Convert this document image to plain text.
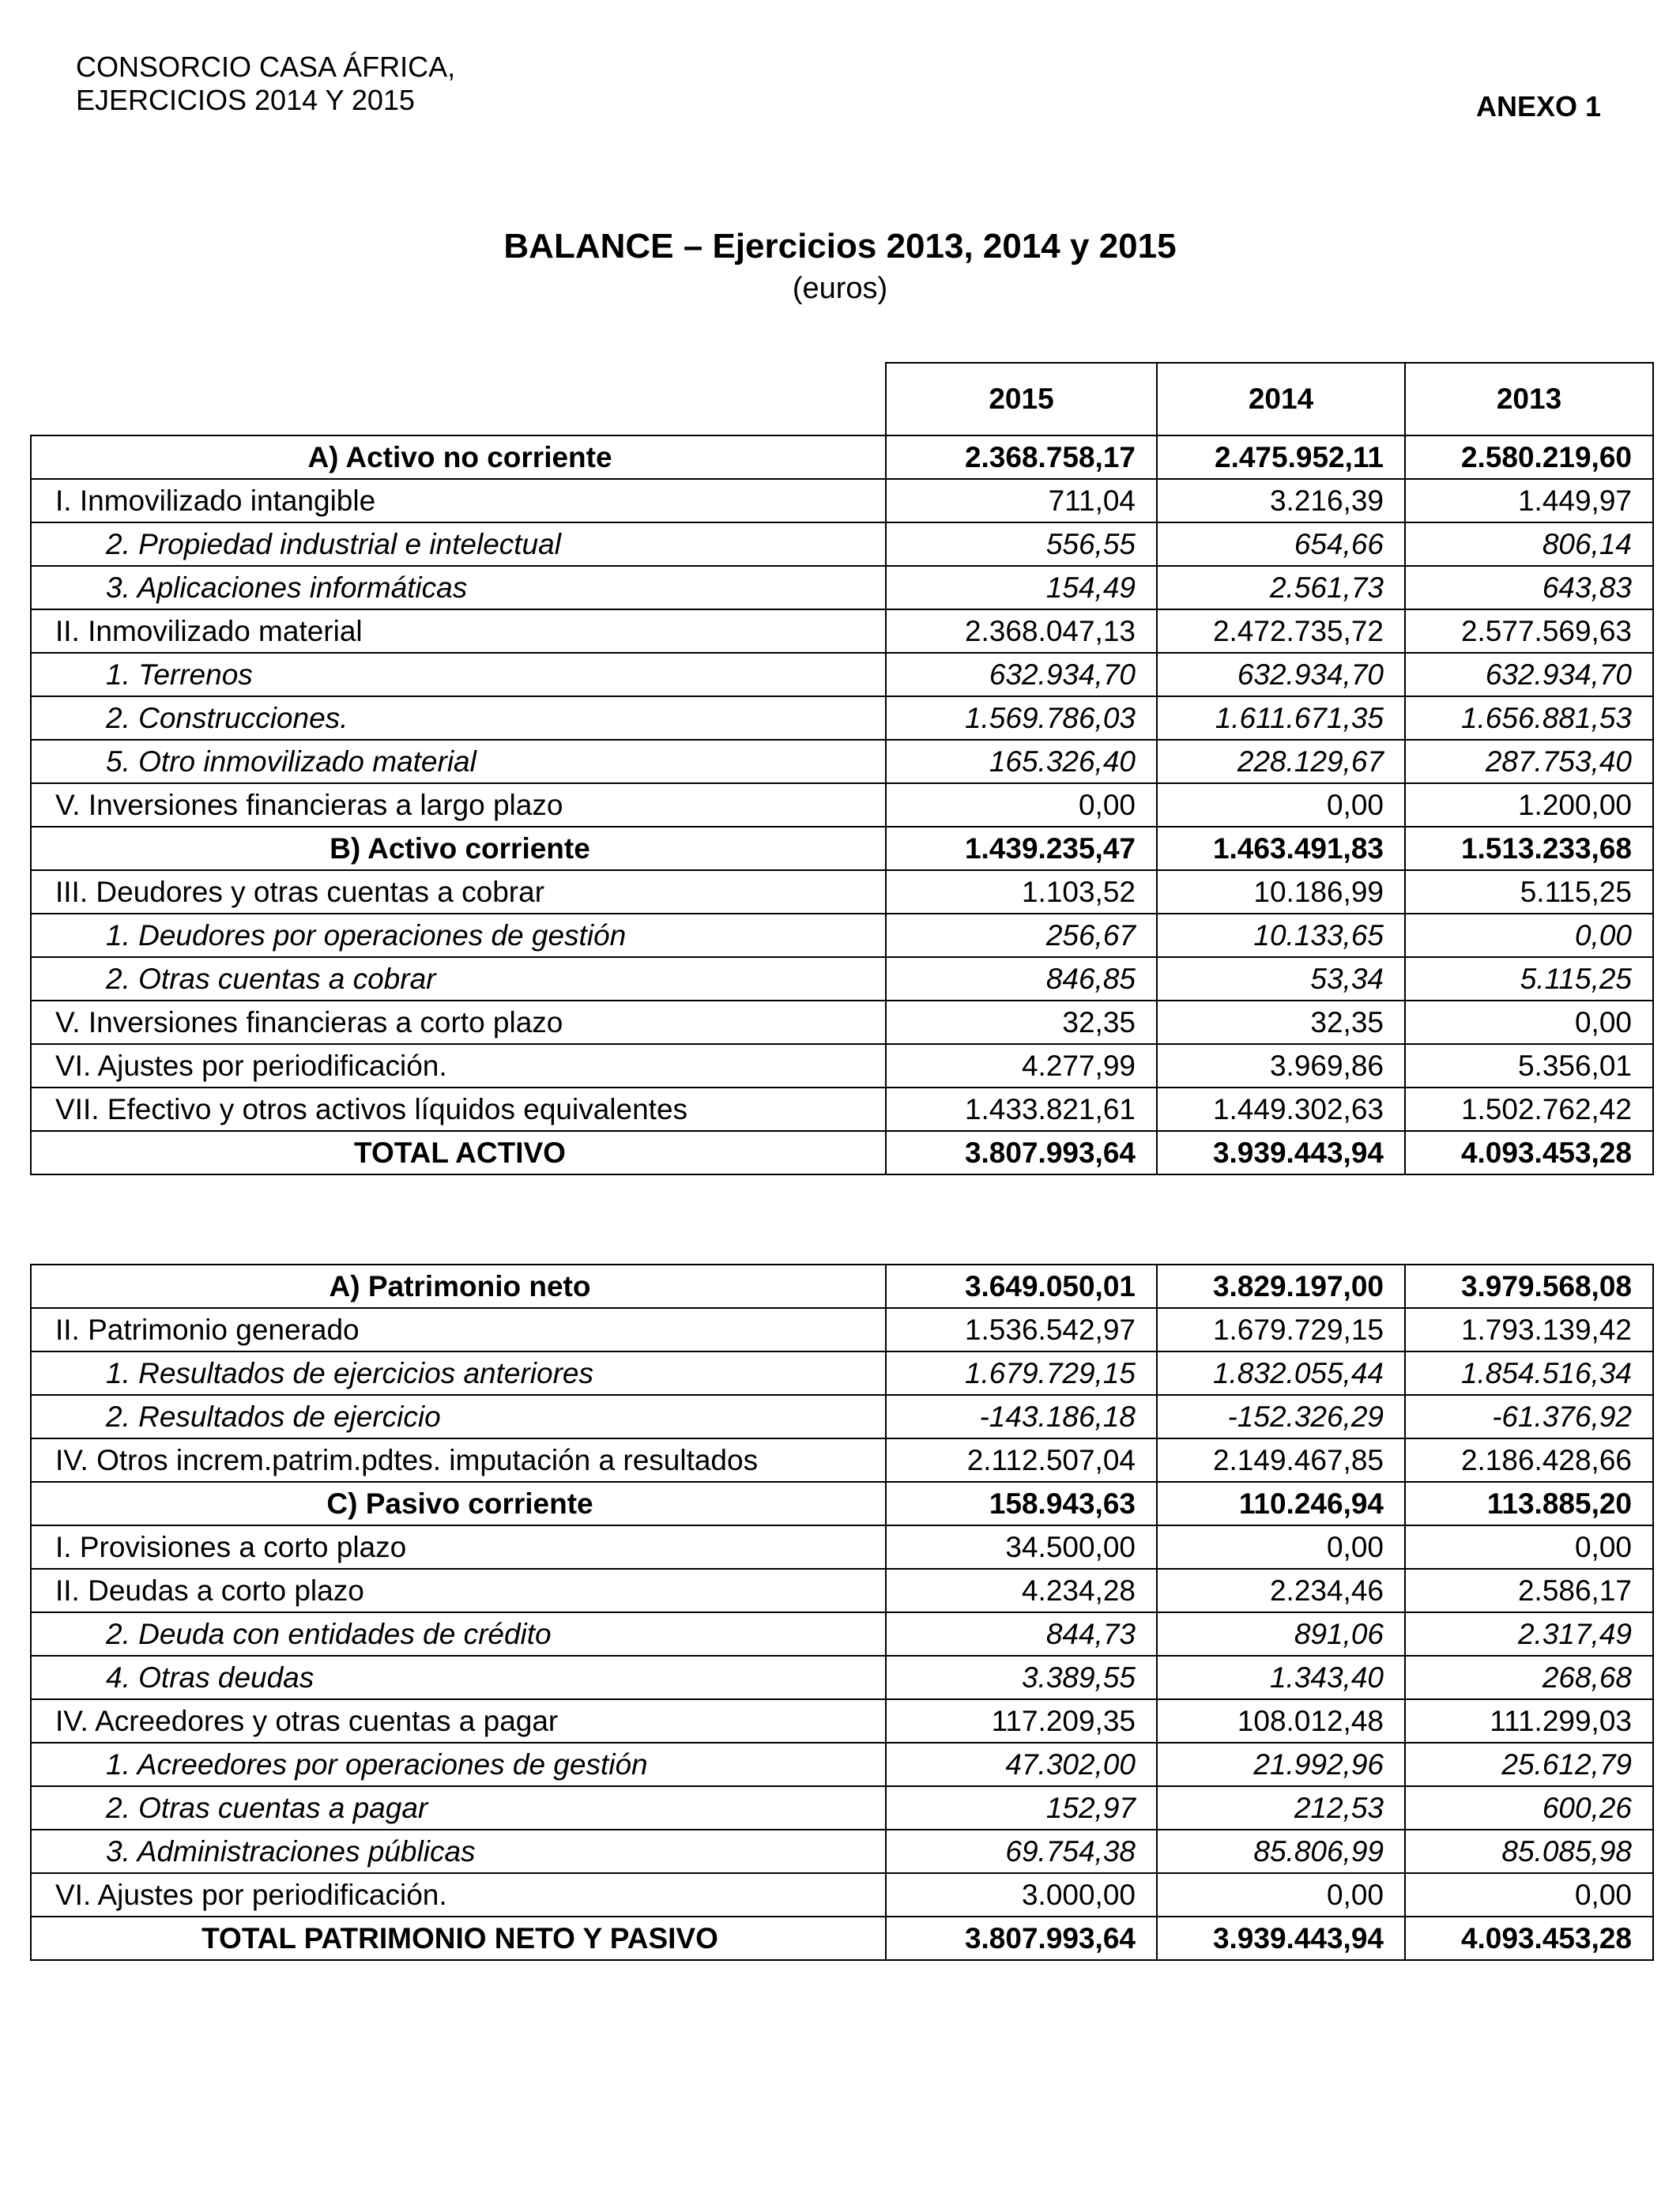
CONSORCIO CASA ÁFRICA,
EJERCICIOS 2014 Y 2015	ANEXO 1
BALANCE – Ejercicios 2013, 2014 y 2015
(euros)
	2015	2014	2013
A) Activo no corriente	2.368.758,17	2.475.952,11	2.580.219,60
I. Inmovilizado intangible	711,04	3.216,39	1.449,97
2. Propiedad industrial e intelectual	556,55	654,66	806,14
3. Aplicaciones informáticas	154,49	2.561,73	643,83
II. Inmovilizado material	2.368.047,13	2.472.735,72	2.577.569,63
1. Terrenos	632.934,70	632.934,70	632.934,70
2. Construcciones.	1.569.786,03	1.611.671,35	1.656.881,53
5. Otro inmovilizado material	165.326,40	228.129,67	287.753,40
V. Inversiones financieras a largo plazo	0,00	0,00	1.200,00
B) Activo corriente	1.439.235,47	1.463.491,83	1.513.233,68
III. Deudores y otras cuentas a cobrar	1.103,52	10.186,99	5.115,25
1. Deudores por operaciones de gestión	256,67	10.133,65	0,00
2. Otras cuentas a cobrar	846,85	53,34	5.115,25
V. Inversiones financieras a corto plazo	32,35	32,35	0,00
VI. Ajustes por periodificación.	4.277,99	3.969,86	5.356,01
VII. Efectivo y otros activos líquidos equivalentes	1.433.821,61	1.449.302,63	1.502.762,42
TOTAL ACTIVO	3.807.993,64	3.939.443,94	4.093.453,28
A) Patrimonio neto	3.649.050,01	3.829.197,00	3.979.568,08
II. Patrimonio generado	1.536.542,97	1.679.729,15	1.793.139,42
1. Resultados de ejercicios anteriores	1.679.729,15	1.832.055,44	1.854.516,34
2. Resultados de ejercicio	-143.186,18	-152.326,29	-61.376,92
IV. Otros increm.patrim.pdtes. imputación a resultados	2.112.507,04	2.149.467,85	2.186.428,66
C) Pasivo corriente	158.943,63	110.246,94	113.885,20
I. Provisiones a corto plazo	34.500,00	0,00	0,00
II. Deudas a corto plazo	4.234,28	2.234,46	2.586,17
2. Deuda con entidades de crédito	844,73	891,06	2.317,49
4. Otras deudas	3.389,55	1.343,40	268,68
IV. Acreedores y otras cuentas a pagar	117.209,35	108.012,48	111.299,03
1. Acreedores por operaciones de gestión	47.302,00	21.992,96	25.612,79
2. Otras cuentas a pagar	152,97	212,53	600,26
3. Administraciones públicas	69.754,38	85.806,99	85.085,98
VI. Ajustes por periodificación.	3.000,00	0,00	0,00
TOTAL PATRIMONIO NETO Y PASIVO	3.807.993,64	3.939.443,94	4.093.453,28
